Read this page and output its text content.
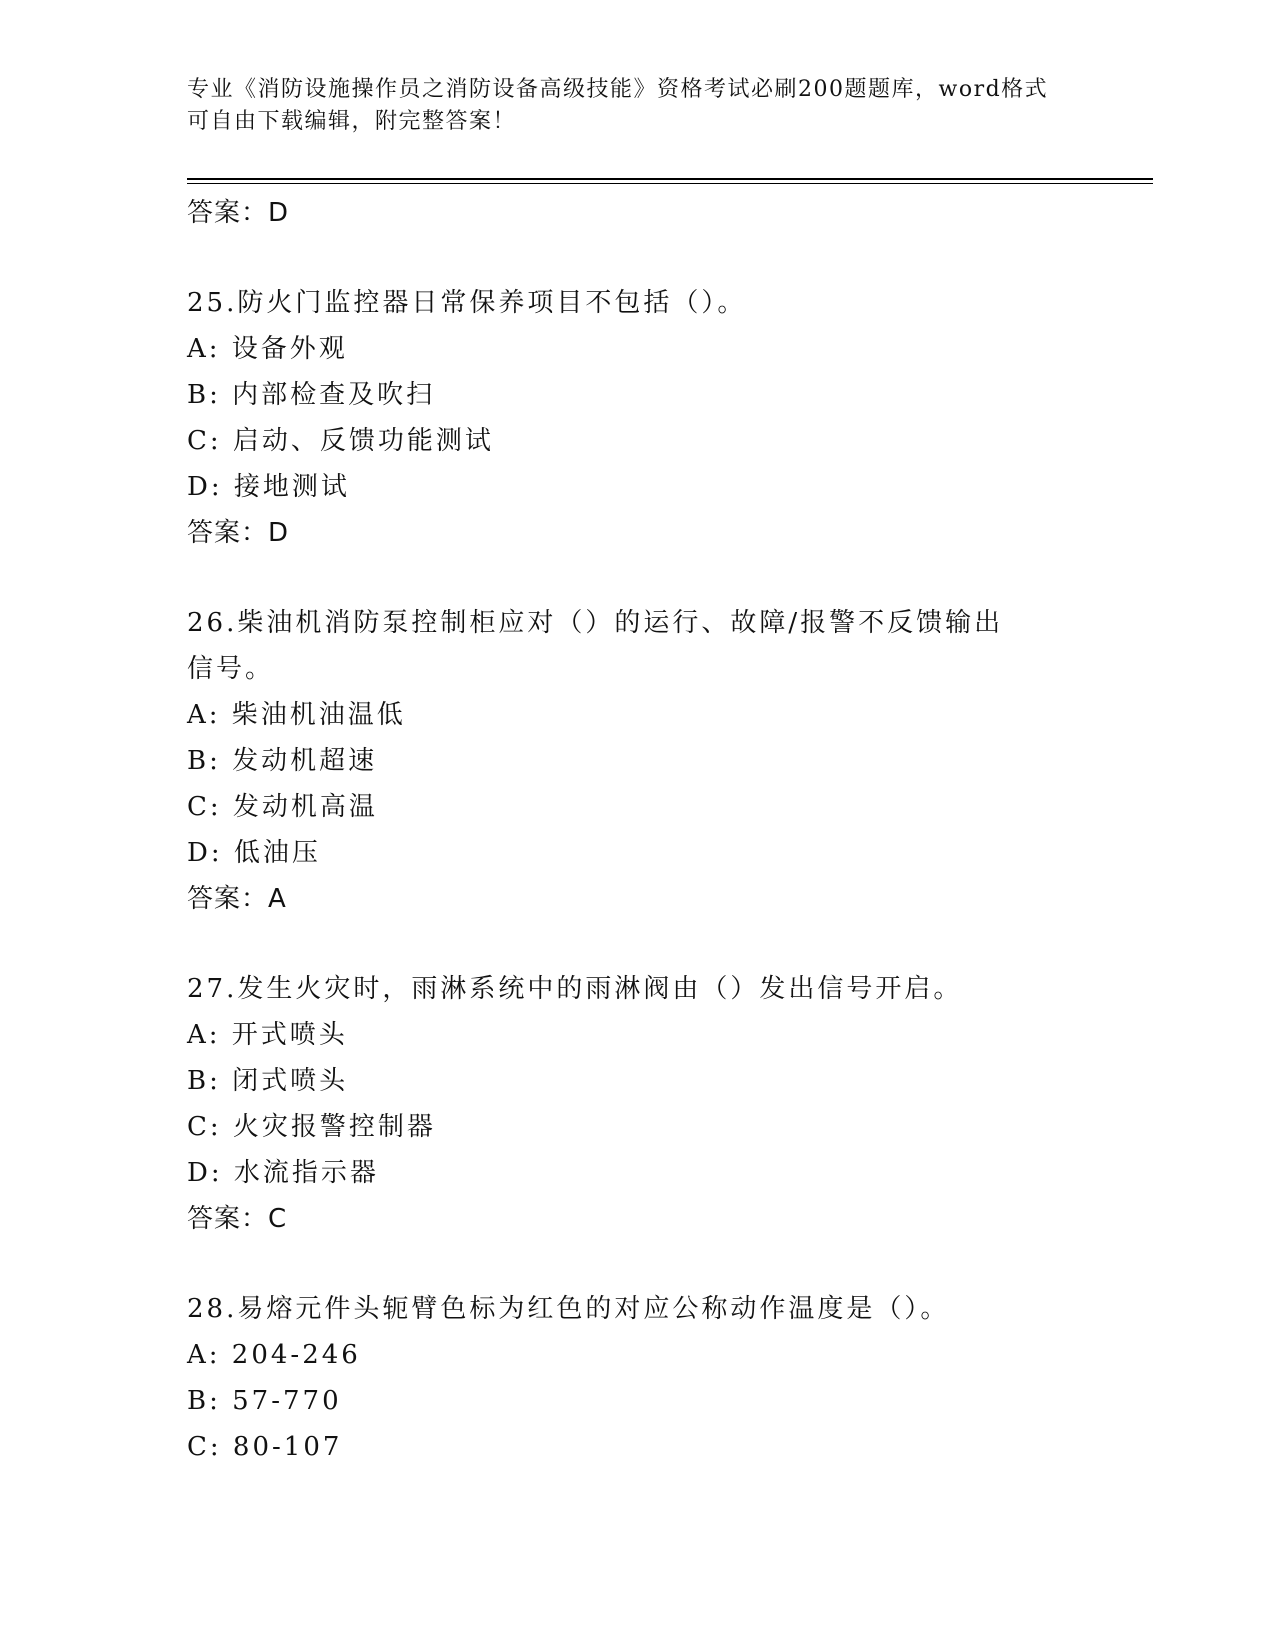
专业《消防设施操作员之消防设备高级技能》资格考试必刷200题题库，word格式可自由下载编辑，附完整答案！
答案：D
25.防火门监控器日常保养项目不包括（）。
A: 设备外观
B: 内部检查及吹扫
C: 启动、反馈功能测试
D: 接地测试
答案：D
26.柴油机消防泵控制柜应对（）的运行、故障/报警不反馈输出信号。
A: 柴油机油温低
B: 发动机超速
C: 发动机高温
D: 低油压
答案：A
27.发生火灾时，雨淋系统中的雨淋阀由（）发出信号开启。
A: 开式喷头
B: 闭式喷头
C: 火灾报警控制器
D: 水流指示器
答案：C
28.易熔元件头轭臂色标为红色的对应公称动作温度是（）。
A: 204-246
B: 57-770
C: 80-107
